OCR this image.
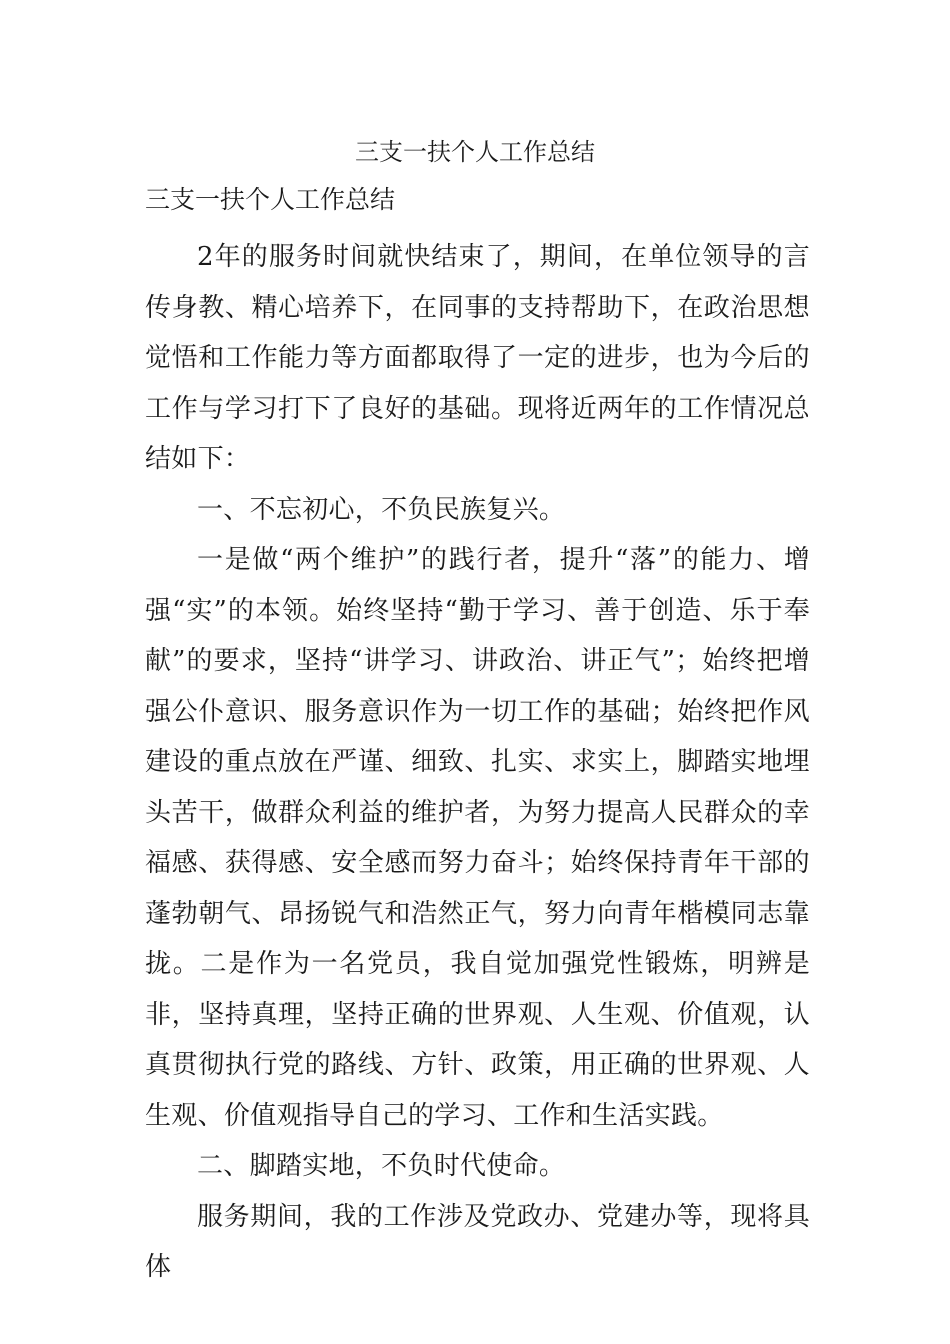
三支一扶个人工作总结
三支一扶个人工作总结

2年的服务时间就快结束了，期间，在单位领导的言传身教、精心培养下，在同事的支持帮助下，在政治思想觉悟和工作能力等方面都取得了一定的进步，也为今后的工作与学习打下了良好的基础。现将近两年的工作情况总结如下：

一、不忘初心，不负民族复兴。

一是做“两个维护”的践行者，提升“落”的能力、增强“实”的本领。始终坚持“勤于学习、善于创造、乐于奉献”的要求，坚持“讲学习、讲政治、讲正气”；始终把增强公仆意识、服务意识作为一切工作的基础；始终把作风建设的重点放在严谨、细致、扎实、求实上，脚踏实地埋头苦干，做群众利益的维护者，为努力提高人民群众的幸福感、获得感、安全感而努力奋斗；始终保持青年干部的蓬勃朝气、昂扬锐气和浩然正气，努力向青年楷模同志靠拢。二是作为一名党员，我自觉加强党性锻炼，明辨是非，坚持真理，坚持正确的世界观、人生观、价值观，认真贯彻执行党的路线、方针、政策，用正确的世界观、人生观、价值观指导自己的学习、工作和生活实践。

二、脚踏实地，不负时代使命。

服务期间，我的工作涉及党政办、党建办等，现将具体
